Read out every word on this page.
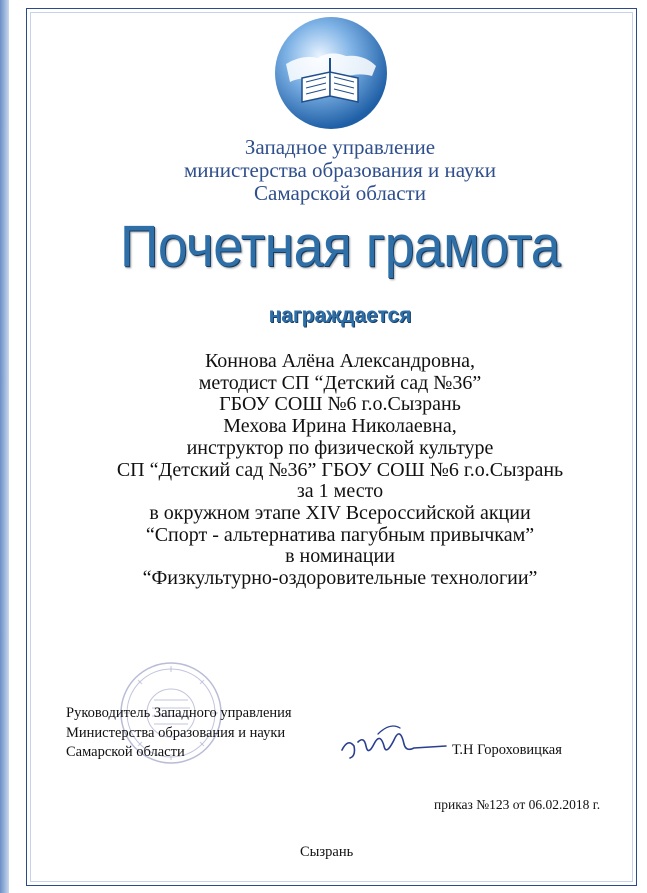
Западное управление
министерства образования и науки
Самарской области
Почетная грамота
награждается
Коннова Алёна Александровна,
методист СП “Детский сад №36”
ГБОУ СОШ №6 г.о.Сызрань
Мехова Ирина Николаевна,
инструктор по физической культуре
СП “Детский сад №36” ГБОУ СОШ №6 г.о.Сызрань
за 1 место
в окружном этапе XIV Всероссийской акции
“Спорт - альтернатива пагубным привычкам”
в номинации
“Физкультурно-оздоровительные технологии”
Руководитель Западного управления
Министерства образования и науки
Самарской области	Т.Н Гороховицкая
приказ №123 от 06.02.2018 г.
Сызрань
